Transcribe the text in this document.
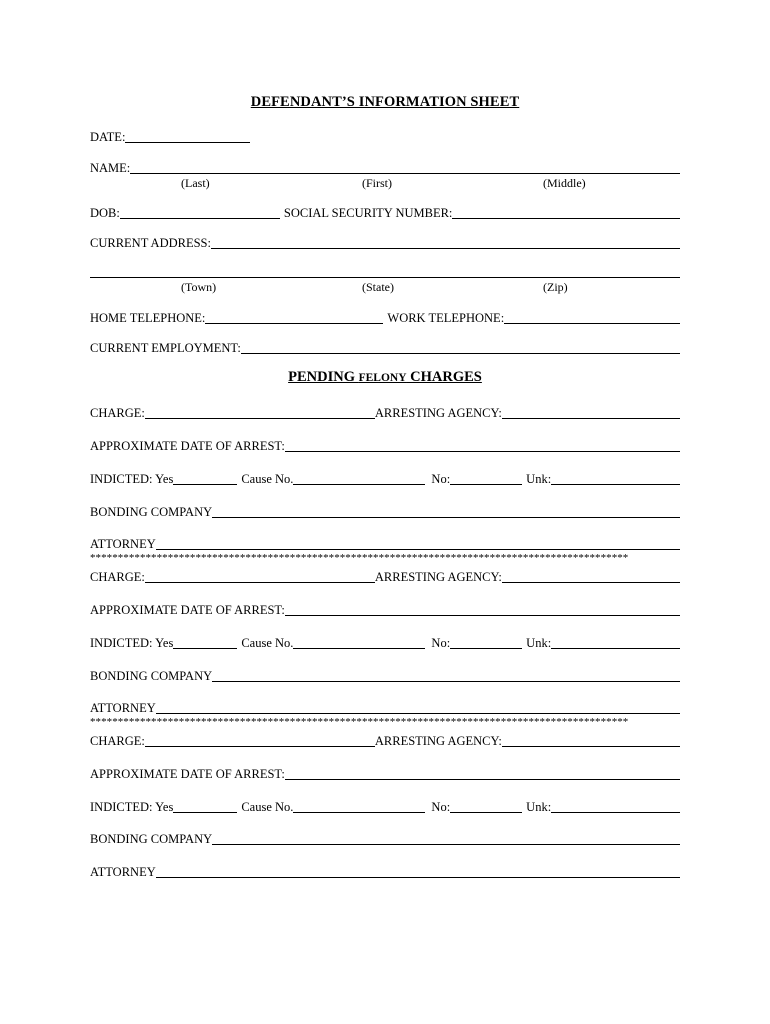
DEFENDANT’S INFORMATION SHEET
DATE:
NAME:
(Last)	(First)	(Middle)
DOB:	SOCIAL SECURITY NUMBER:
CURRENT ADDRESS:
(Town)	(State)	(Zip)
HOME TELEPHONE:	WORK TELEPHONE:
CURRENT EMPLOYMENT:
PENDING FELONY CHARGES
CHARGE:	ARRESTING AGENCY:
APPROXIMATE DATE OF ARREST:
INDICTED: Yes	Cause No.	No:	Unk:
BONDING COMPANY
ATTORNEY
*************************************************************************************************
CHARGE:	ARRESTING AGENCY:
APPROXIMATE DATE OF ARREST:
INDICTED: Yes	Cause No.	No:	Unk:
BONDING COMPANY
ATTORNEY
*************************************************************************************************
CHARGE:	ARRESTING AGENCY:
APPROXIMATE DATE OF ARREST:
INDICTED: Yes	Cause No.	No:	Unk:
BONDING COMPANY
ATTORNEY
